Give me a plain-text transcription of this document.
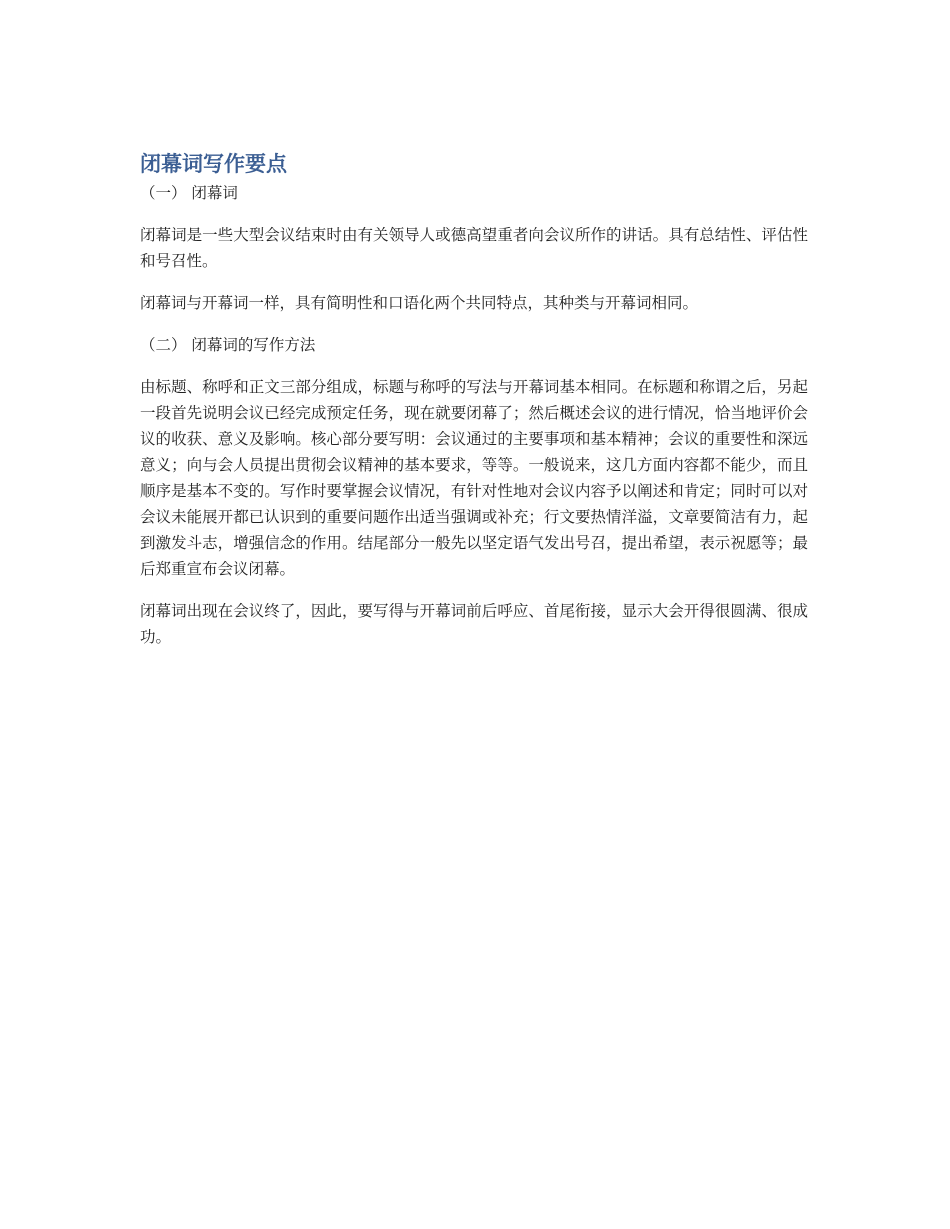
闭幕词写作要点
（一） 闭幕词

闭幕词是一些大型会议结束时由有关领导人或德高望重者向会议所作的讲话。具有总结性、评估性和号召性。

闭幕词与开幕词一样，具有简明性和口语化两个共同特点，其种类与开幕词相同。

（二） 闭幕词的写作方法

由标题、称呼和正文三部分组成，标题与称呼的写法与开幕词基本相同。在标题和称谓之后，另起一段首先说明会议已经完成预定任务，现在就要闭幕了；然后概述会议的进行情况，恰当地评价会议的收获、意义及影响。核心部分要写明：会议通过的主要事项和基本精神；会议的重要性和深远意义；向与会人员提出贯彻会议精神的基本要求，等等。一般说来，这几方面内容都不能少，而且顺序是基本不变的。写作时要掌握会议情况，有针对性地对会议内容予以阐述和肯定；同时可以对会议未能展开都已认识到的重要问题作出适当强调或补充；行文要热情洋溢，文章要简洁有力，起到激发斗志，增强信念的作用。结尾部分一般先以坚定语气发出号召，提出希望，表示祝愿等；最后郑重宣布会议闭幕。

闭幕词出现在会议终了，因此，要写得与开幕词前后呼应、首尾衔接，显示大会开得很圆满、很成功。
